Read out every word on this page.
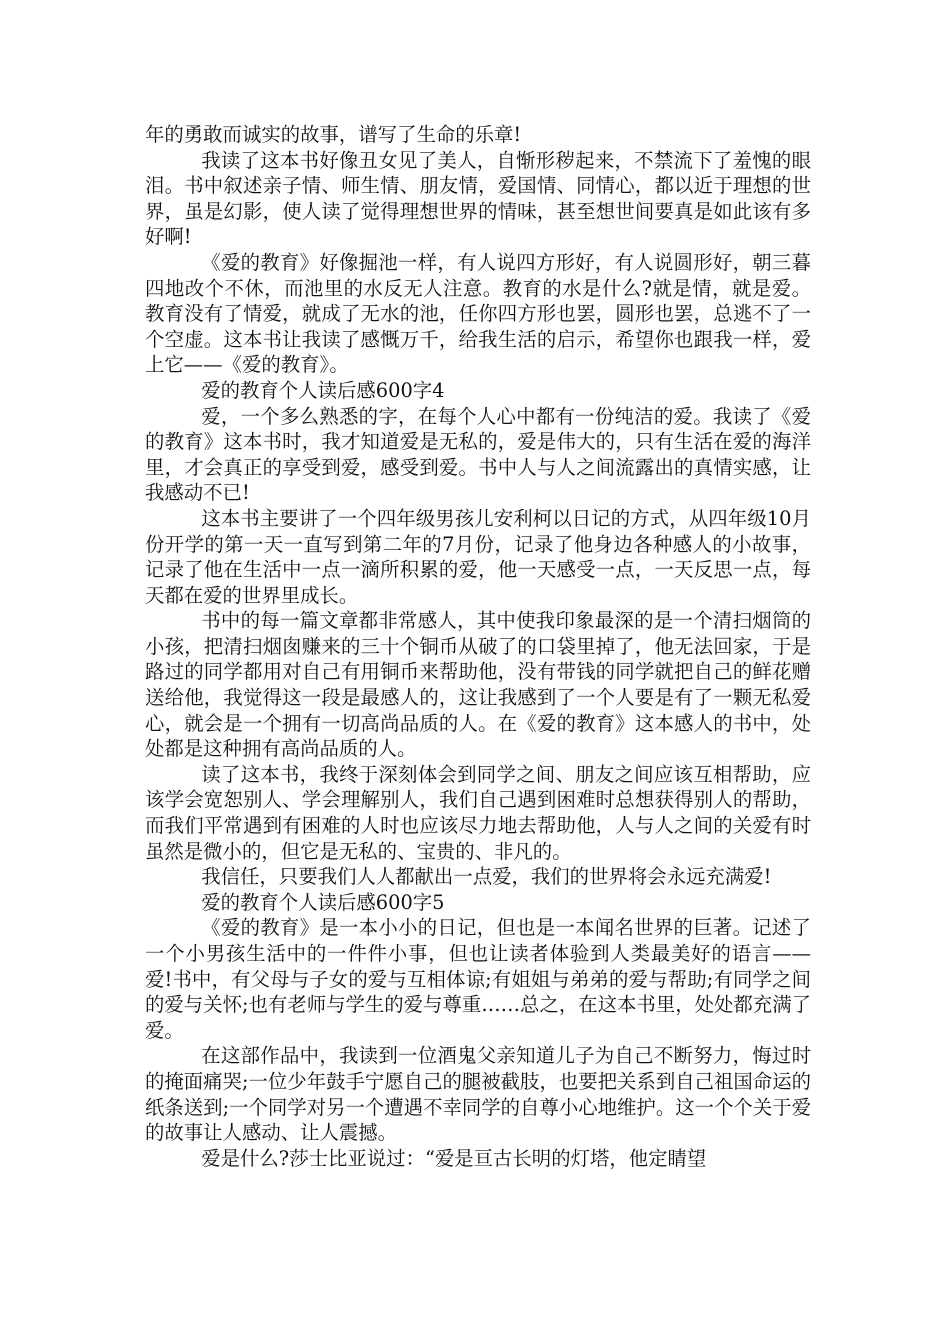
年的勇敢而诚实的故事，谱写了生命的乐章!

我读了这本书好像丑女见了美人，自惭形秽起来，不禁流下了羞愧的眼泪。书中叙述亲子情、师生情、朋友情，爱国情、同情心，都以近于理想的世界，虽是幻影，使人读了觉得理想世界的情味，甚至想世间要真是如此该有多好啊!

《爱的教育》好像掘池一样，有人说四方形好，有人说圆形好，朝三暮四地改个不休，而池里的水反无人注意。教育的水是什么?就是情，就是爱。教育没有了情爱，就成了无水的池，任你四方形也罢，圆形也罢，总逃不了一个空虚。这本书让我读了感慨万千，给我生活的启示，希望你也跟我一样，爱上它——《爱的教育》。

爱的教育个人读后感600字4

爱，一个多么熟悉的字，在每个人心中都有一份纯洁的爱。我读了《爱的教育》这本书时，我才知道爱是无私的，爱是伟大的，只有生活在爱的海洋里，才会真正的享受到爱，感受到爱。书中人与人之间流露出的真情实感，让我感动不已!

这本书主要讲了一个四年级男孩儿安利柯以日记的方式，从四年级10月份开学的第一天一直写到第二年的7月份，记录了他身边各种感人的小故事，记录了他在生活中一点一滴所积累的爱，他一天感受一点，一天反思一点，每天都在爱的世界里成长。

书中的每一篇文章都非常感人，其中使我印象最深的是一个清扫烟筒的小孩，把清扫烟囱赚来的三十个铜币从破了的口袋里掉了，他无法回家，于是路过的同学都用对自己有用铜币来帮助他，没有带钱的同学就把自己的鲜花赠送给他，我觉得这一段是最感人的，这让我感到了一个人要是有了一颗无私爱心，就会是一个拥有一切高尚品质的人。在《爱的教育》这本感人的书中，处处都是这种拥有高尚品质的人。

读了这本书，我终于深刻体会到同学之间、朋友之间应该互相帮助，应该学会宽恕别人、学会理解别人，我们自己遇到困难时总想获得别人的帮助，而我们平常遇到有困难的人时也应该尽力地去帮助他，人与人之间的关爱有时虽然是微小的，但它是无私的、宝贵的、非凡的。

我信任，只要我们人人都献出一点爱，我们的世界将会永远充满爱!

爱的教育个人读后感600字5

《爱的教育》是一本小小的日记，但也是一本闻名世界的巨著。记述了一个小男孩生活中的一件件小事，但也让读者体验到人类最美好的语言——爱!书中，有父母与子女的爱与互相体谅;有姐姐与弟弟的爱与帮助;有同学之间的爱与关怀;也有老师与学生的爱与尊重……总之，在这本书里，处处都充满了爱。

在这部作品中，我读到一位酒鬼父亲知道儿子为自己不断努力，悔过时的掩面痛哭;一位少年鼓手宁愿自己的腿被截肢，也要把关系到自己祖国命运的纸条送到;一个同学对另一个遭遇不幸同学的自尊小心地维护。这一个个关于爱的故事让人感动、让人震撼。

爱是什么?莎士比亚说过：“爱是亘古长明的灯塔，他定睛望
